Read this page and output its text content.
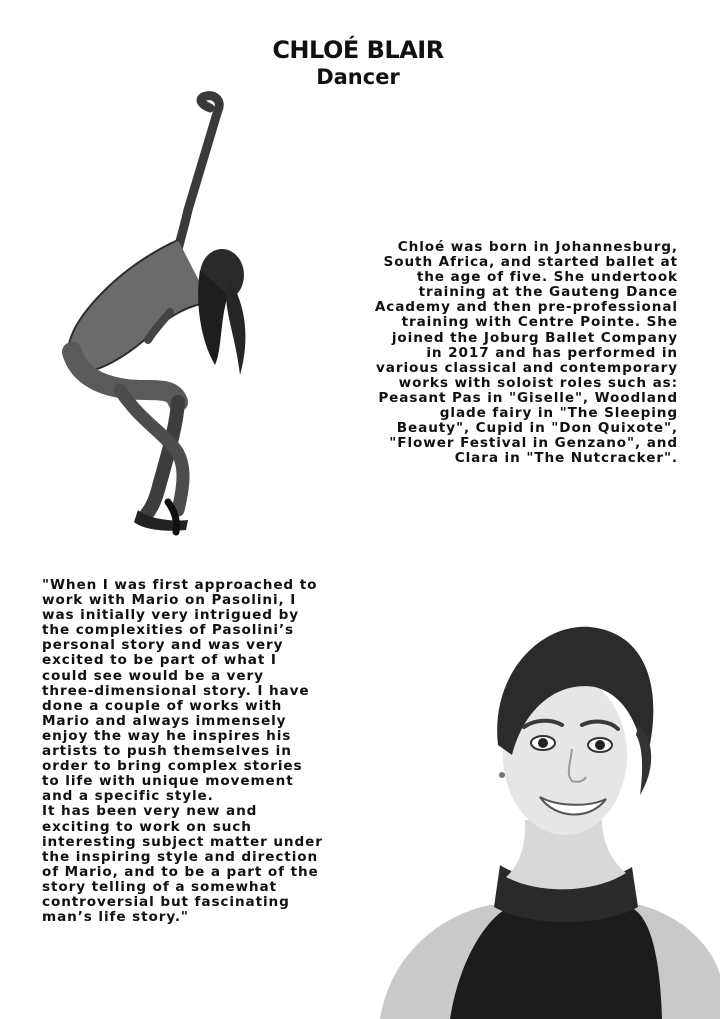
CHLOÉ BLAIR
Dancer

Chloé was born in Johannesburg,
South Africa, and started ballet at
the age of five. She undertook
training at the Gauteng Dance
Academy and then pre-professional
training with Centre Pointe. She
joined the Joburg Ballet Company
in 2017 and has performed in
various classical and contemporary
works with soloist roles such as:
Peasant Pas in "Giselle", Woodland
glade fairy in "The Sleeping
Beauty", Cupid in "Don Quixote",
"Flower Festival in Genzano", and
Clara in "The Nutcracker".

"When I was first approached to
work with Mario on Pasolini, I
was initially very intrigued by
the complexities of Pasolini’s
personal story and was very
excited to be part of what I
could see would be a very
three-dimensional story. I have
done a couple of works with
Mario and always immensely
enjoy the way he inspires his
artists to push themselves in
order to bring complex stories
to life with unique movement
and a specific style.
It has been very new and
exciting to work on such
interesting subject matter under
the inspiring style and direction
of Mario, and to be a part of the
story telling of a somewhat
controversial but fascinating
man’s life story."
